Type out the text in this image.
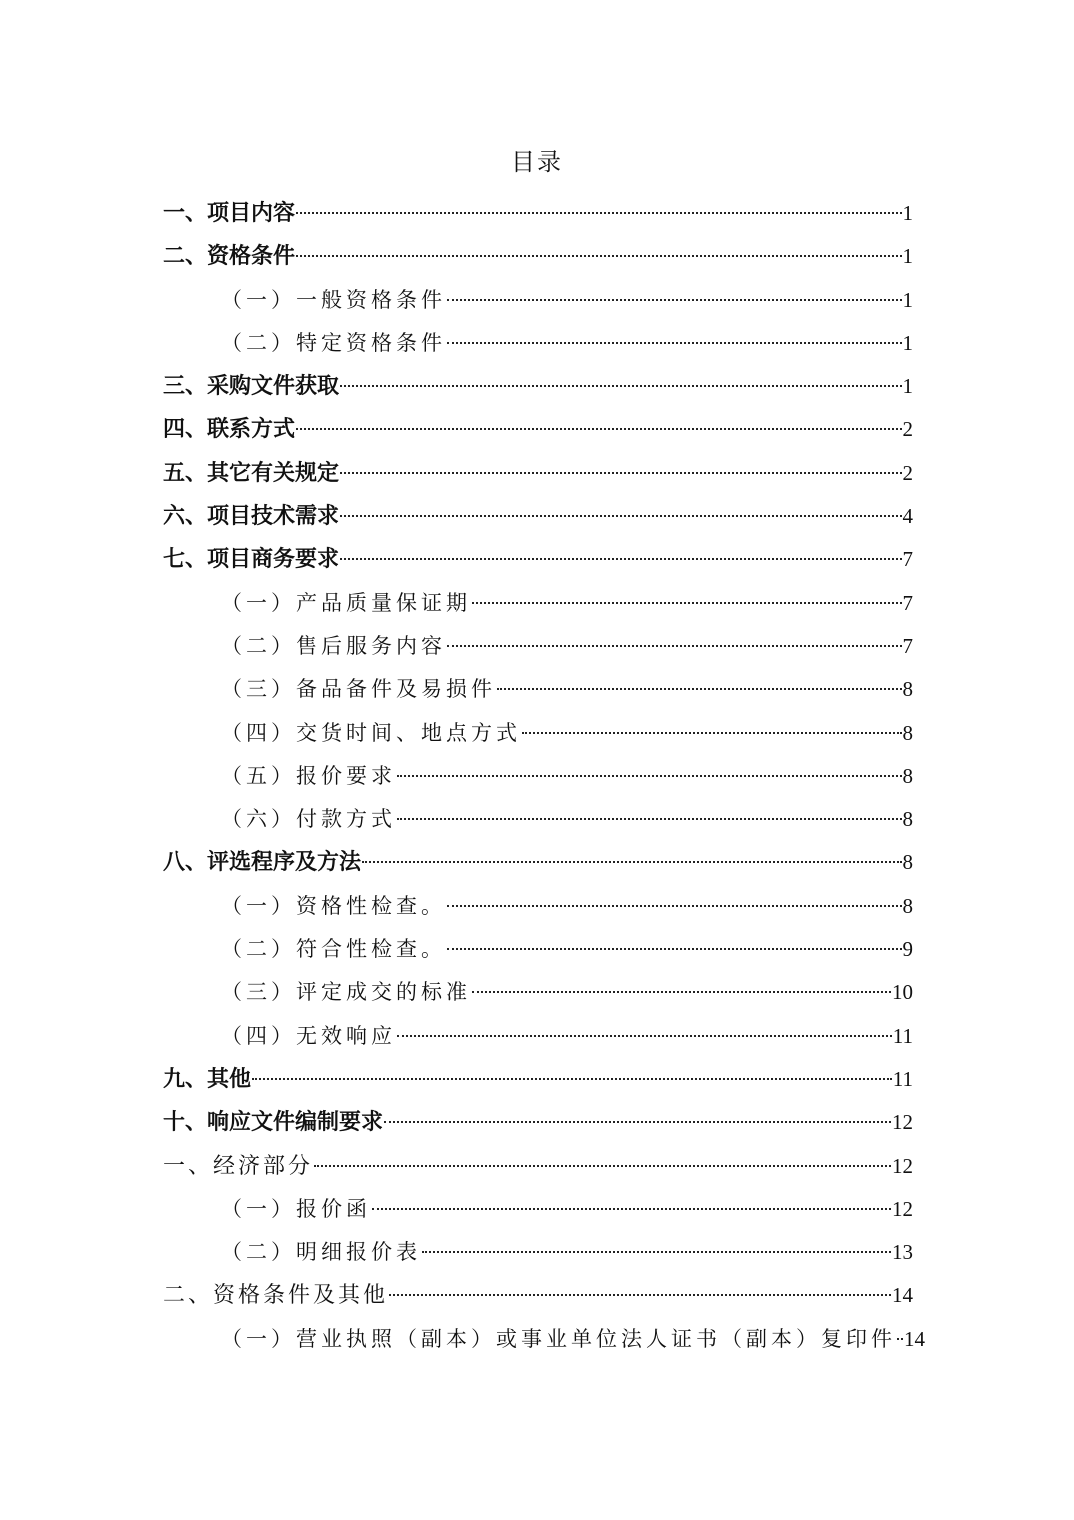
目录
一、项目内容	1
二、资格条件	1
（一）一般资格条件	1
（二）特定资格条件	1
三、采购文件获取	1
四、联系方式	2
五、其它有关规定	2
六、项目技术需求	4
七、项目商务要求	7
（一）产品质量保证期	7
（二）售后服务内容	7
（三）备品备件及易损件	8
（四）交货时间、地点方式	8
（五）报价要求	8
（六）付款方式	8
八、评选程序及方法	8
（一）资格性检查。	8
（二）符合性检查。	9
（三）评定成交的标准	10
（四）无效响应	11
九、其他	11
十、响应文件编制要求	12
一、经济部分	12
（一）报价函	12
（二）明细报价表	13
二、资格条件及其他	14
（一）营业执照（副本）或事业单位法人证书（副本）复印件 14
